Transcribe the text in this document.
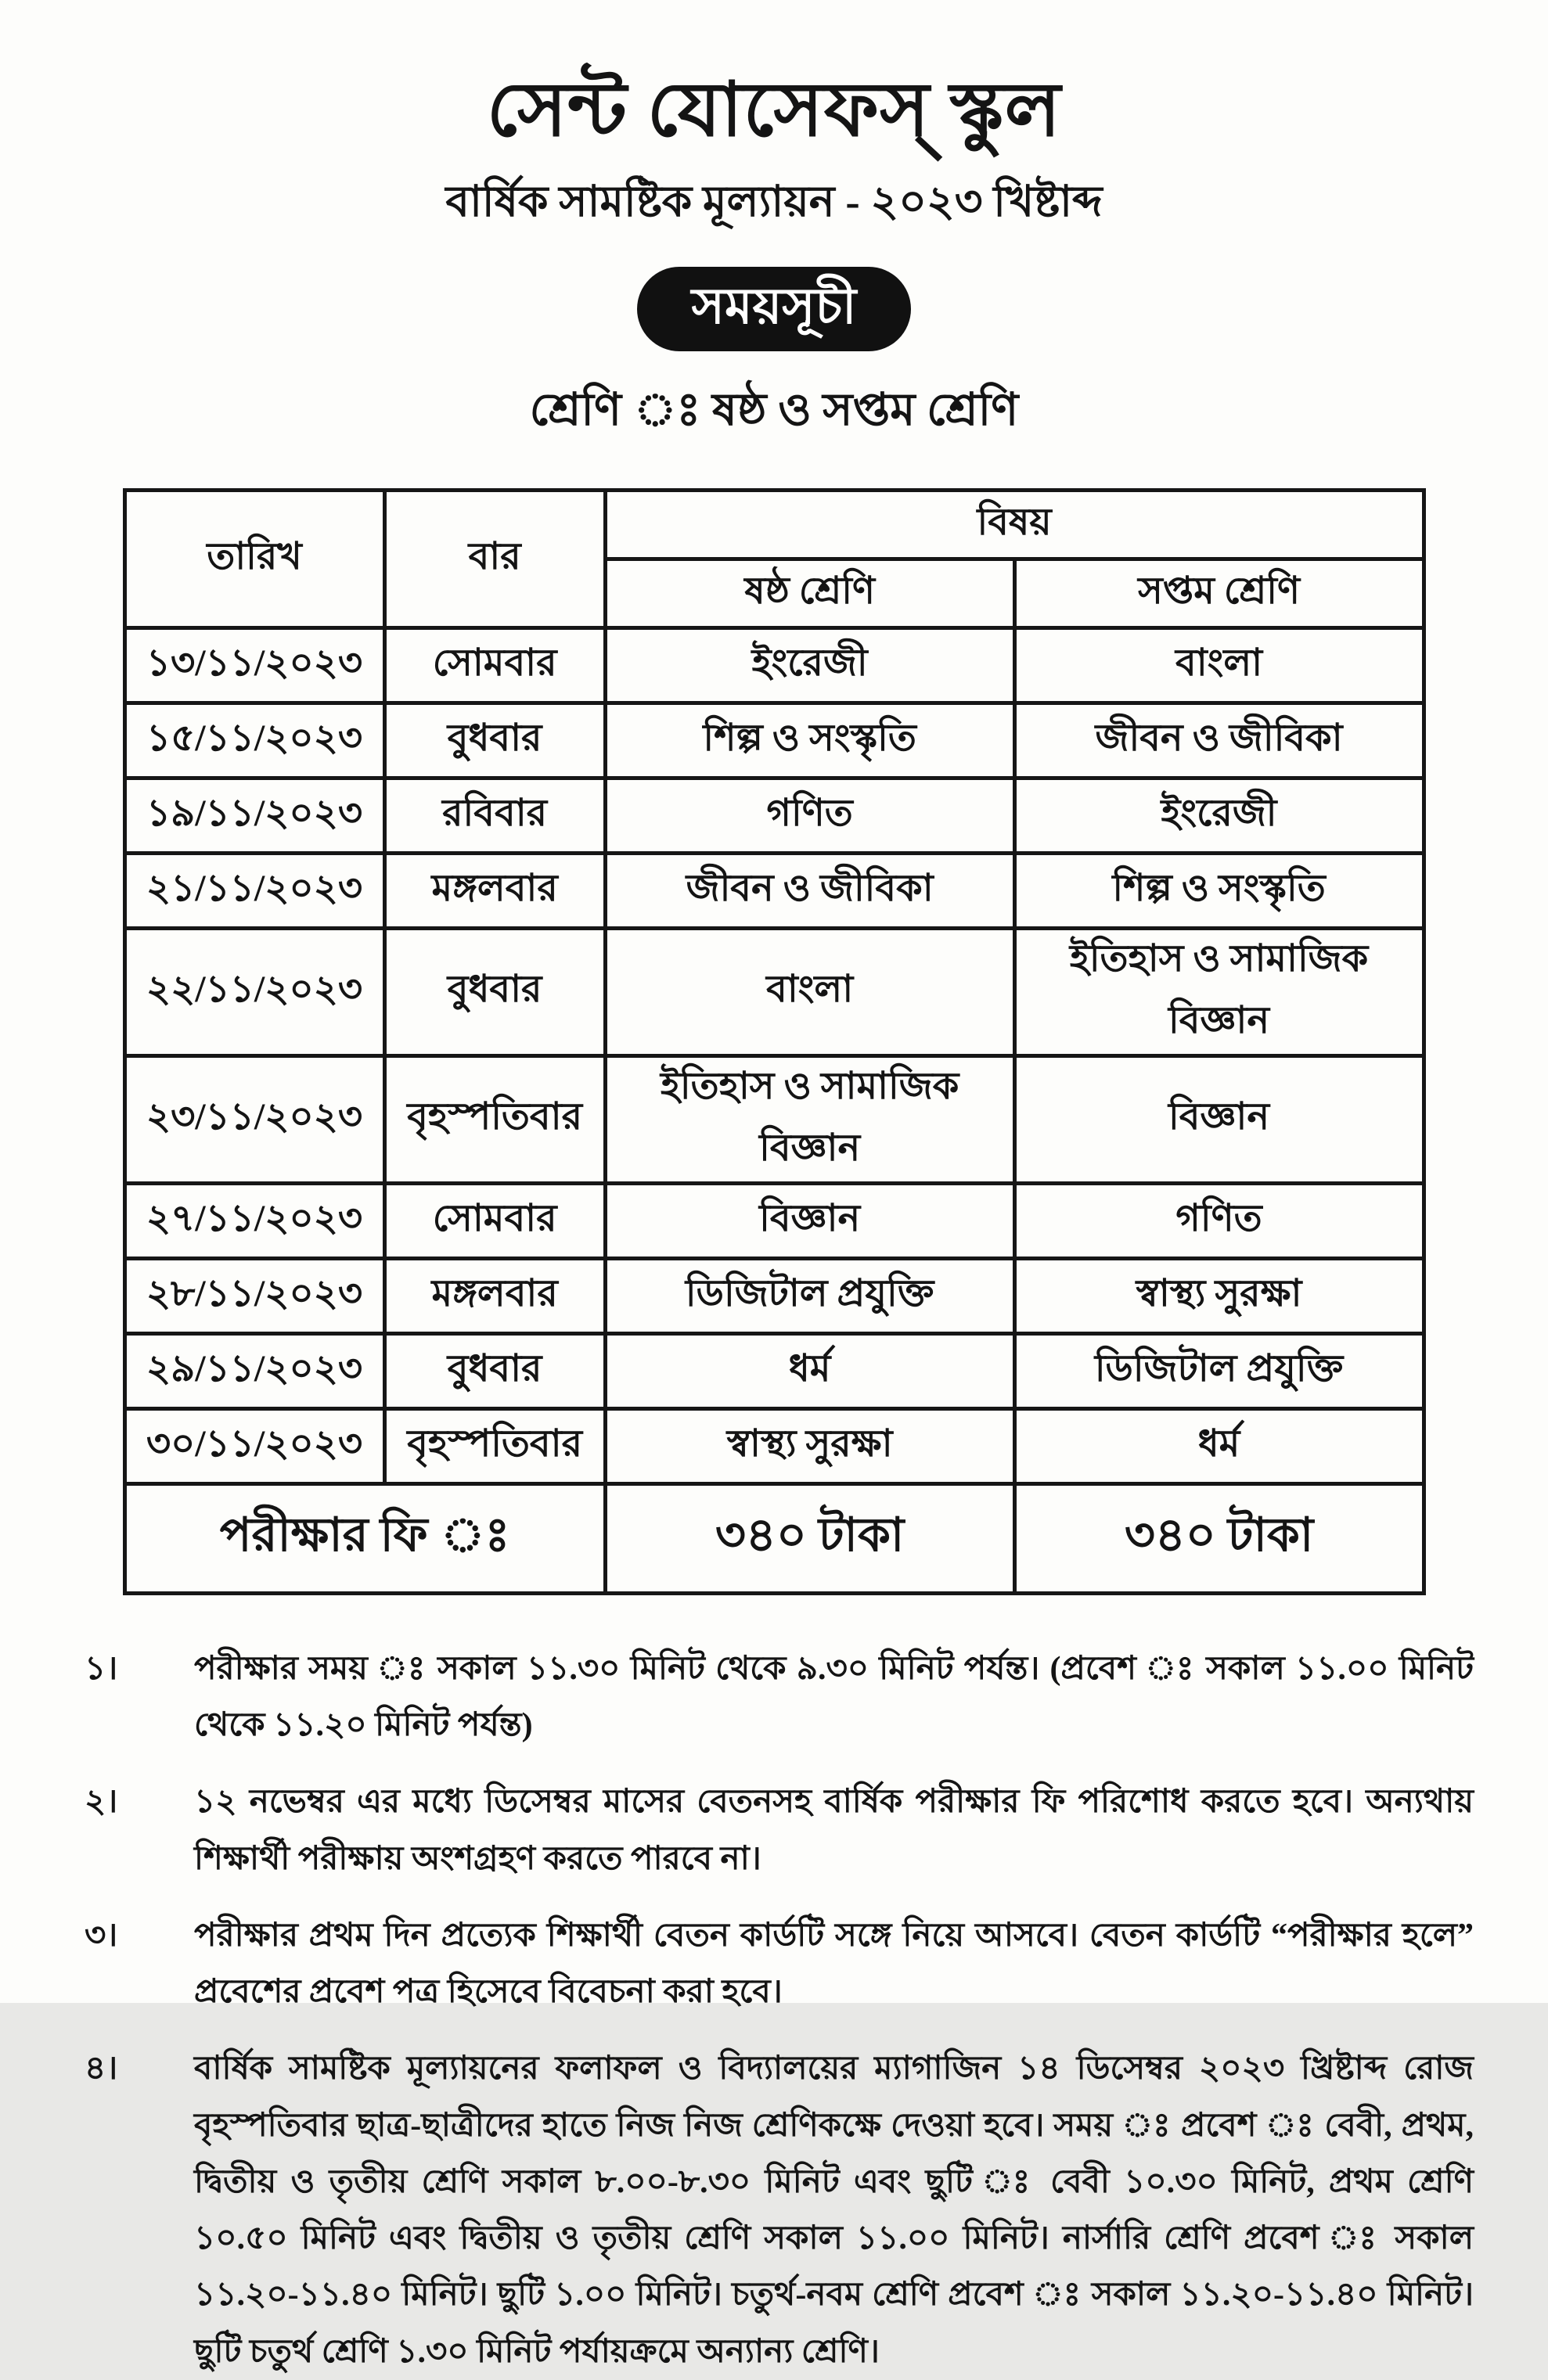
সেন্ট যোসেফস্ স্কুল
বার্ষিক সামষ্টিক মূল্যায়ন - ২০২৩ খিষ্টাব্দ
সময়সূচী
শ্রেণি ঃ ষষ্ঠ ও সপ্তম শ্রেণি
তারিখ	বার	বিষয়	
		ষষ্ঠ শ্রেণি	সপ্তম শ্রেণি
১৩/১১/২০২৩	সোমবার	ইংরেজী	বাংলা
১৫/১১/২০২৩	বুধবার	শিল্প ও সংস্কৃতি	জীবন ও জীবিকা
১৯/১১/২০২৩	রবিবার	গণিত	ইংরেজী
২১/১১/২০২৩	মঙ্গলবার	জীবন ও জীবিকা	শিল্প ও সংস্কৃতি
২২/১১/২০২৩	বুধবার	বাংলা	ইতিহাস ও সামাজিক বিজ্ঞান
২৩/১১/২০২৩	বৃহস্পতিবার	ইতিহাস ও সামাজিক বিজ্ঞান	বিজ্ঞান
২৭/১১/২০২৩	সোমবার	বিজ্ঞান	গণিত
২৮/১১/২০২৩	মঙ্গলবার	ডিজিটাল প্রযুক্তি	স্বাস্থ্য সুরক্ষা
২৯/১১/২০২৩	বুধবার	ধর্ম	ডিজিটাল প্রযুক্তি
৩০/১১/২০২৩	বৃহস্পতিবার	স্বাস্থ্য সুরক্ষা	ধর্ম
পরীক্ষার ফি ঃ		৩৪০ টাকা	৩৪০ টাকা
১।	পরীক্ষার সময় ঃ সকাল ১১.৩০ মিনিট থেকে ৯.৩০ মিনিট পর্যন্ত। (প্রবেশ ঃ সকাল ১১.০০ মিনিট থেকে ১১.২০ মিনিট পর্যন্ত)
২।	১২ নভেম্বর এর মধ্যে ডিসেম্বর মাসের বেতনসহ বার্ষিক পরীক্ষার ফি পরিশোধ করতে হবে। অন্যথায় শিক্ষার্থী পরীক্ষায় অংশগ্রহণ করতে পারবে না।
৩।	পরীক্ষার প্রথম দিন প্রত্যেক শিক্ষার্থী বেতন কার্ডটি সঙ্গে নিয়ে আসবে। বেতন কার্ডটি “পরীক্ষার হলে” প্রবেশের প্রবেশ পত্র হিসেবে বিবেচনা করা হবে।
৪।	বার্ষিক সামষ্টিক মূল্যায়নের ফলাফল ও বিদ্যালয়ের ম্যাগাজিন ১৪ ডিসেম্বর ২০২৩ খ্রিষ্টাব্দ রোজ বৃহস্পতিবার ছাত্র-ছাত্রীদের হাতে নিজ নিজ শ্রেণিকক্ষে দেওয়া হবে। সময় ঃ প্রবেশ ঃ বেবী, প্রথম, দ্বিতীয় ও তৃতীয় শ্রেণি সকাল ৮.০০-৮.৩০ মিনিট এবং ছুটি ঃ বেবী ১০.৩০ মিনিট, প্রথম শ্রেণি ১০.৫০ মিনিট এবং দ্বিতীয় ও তৃতীয় শ্রেণি সকাল ১১.০০ মিনিট। নার্সারি শ্রেণি প্রবেশ ঃ সকাল ১১.২০-১১.৪০ মিনিট। ছুটি ১.০০ মিনিট। চতুর্থ-নবম শ্রেণি প্রবেশ ঃ সকাল ১১.২০-১১.৪০ মিনিট। ছুটি চতুর্থ শ্রেণি ১.৩০ মিনিট পর্যায়ক্রমে অন্যান্য শ্রেণি।
